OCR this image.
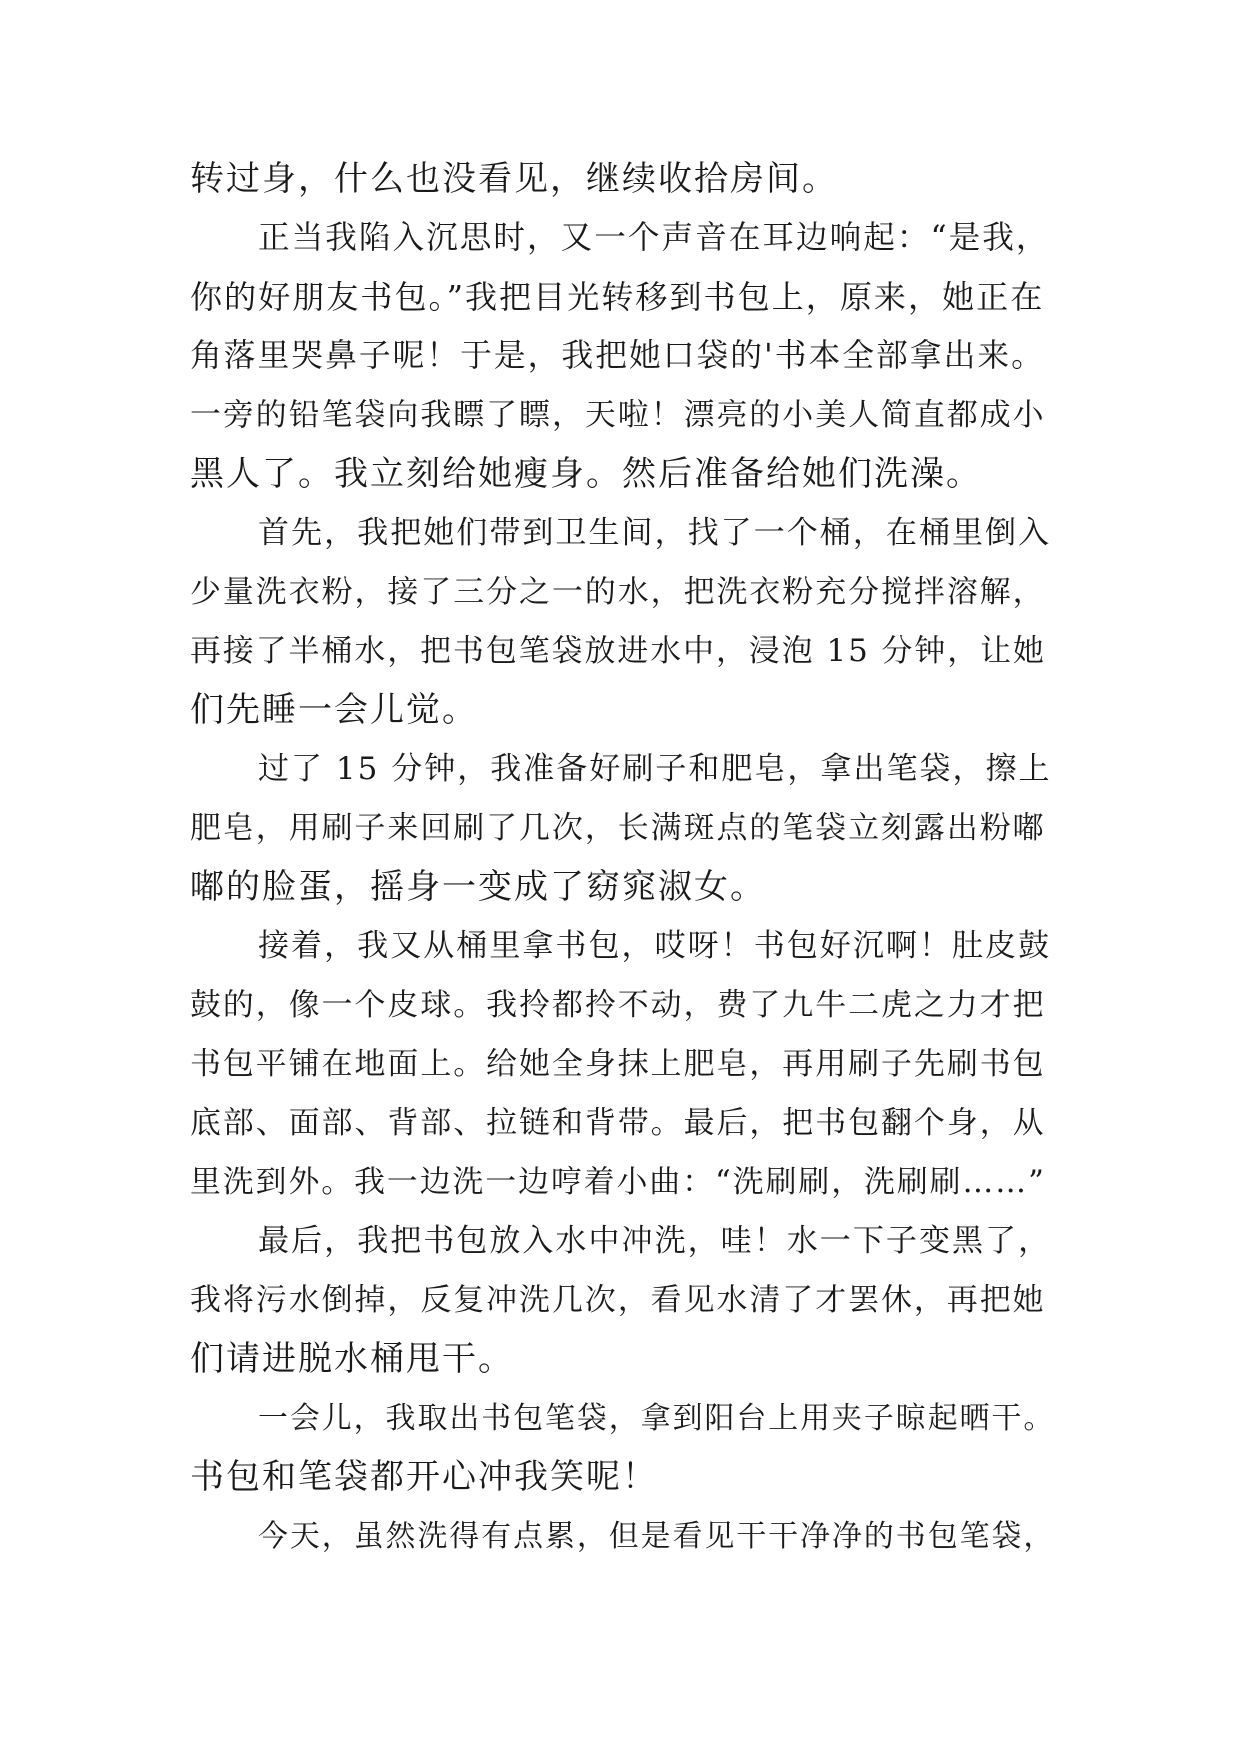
转过身，什么也没看见，继续收拾房间。
正当我陷入沉思时，又一个声音在耳边响起：“是我，
你的好朋友书包。”我把目光转移到书包上，原来，她正在
角落里哭鼻子呢！于是，我把她口袋的'书本全部拿出来。
一旁的铅笔袋向我瞟了瞟，天啦！漂亮的小美人简直都成小
黑人了。我立刻给她瘦身。然后准备给她们洗澡。
首先，我把她们带到卫生间，找了一个桶，在桶里倒入
少量洗衣粉，接了三分之一的水，把洗衣粉充分搅拌溶解，
再接了半桶水，把书包笔袋放进水中，浸泡 15 分钟，让她
们先睡一会儿觉。
过了 15 分钟，我准备好刷子和肥皂，拿出笔袋，擦上
肥皂，用刷子来回刷了几次，长满斑点的笔袋立刻露出粉嘟
嘟的脸蛋，摇身一变成了窈窕淑女。
接着，我又从桶里拿书包，哎呀！书包好沉啊！肚皮鼓
鼓的，像一个皮球。我拎都拎不动，费了九牛二虎之力才把
书包平铺在地面上。给她全身抹上肥皂，再用刷子先刷书包
底部、面部、背部、拉链和背带。最后，把书包翻个身，从
里洗到外。我一边洗一边哼着小曲：“洗刷刷，洗刷刷……”
最后，我把书包放入水中冲洗，哇！水一下子变黑了，
我将污水倒掉，反复冲洗几次，看见水清了才罢休，再把她
们请进脱水桶甩干。
一会儿，我取出书包笔袋，拿到阳台上用夹子晾起晒干。
书包和笔袋都开心冲我笑呢！
今天，虽然洗得有点累，但是看见干干净净的书包笔袋，
